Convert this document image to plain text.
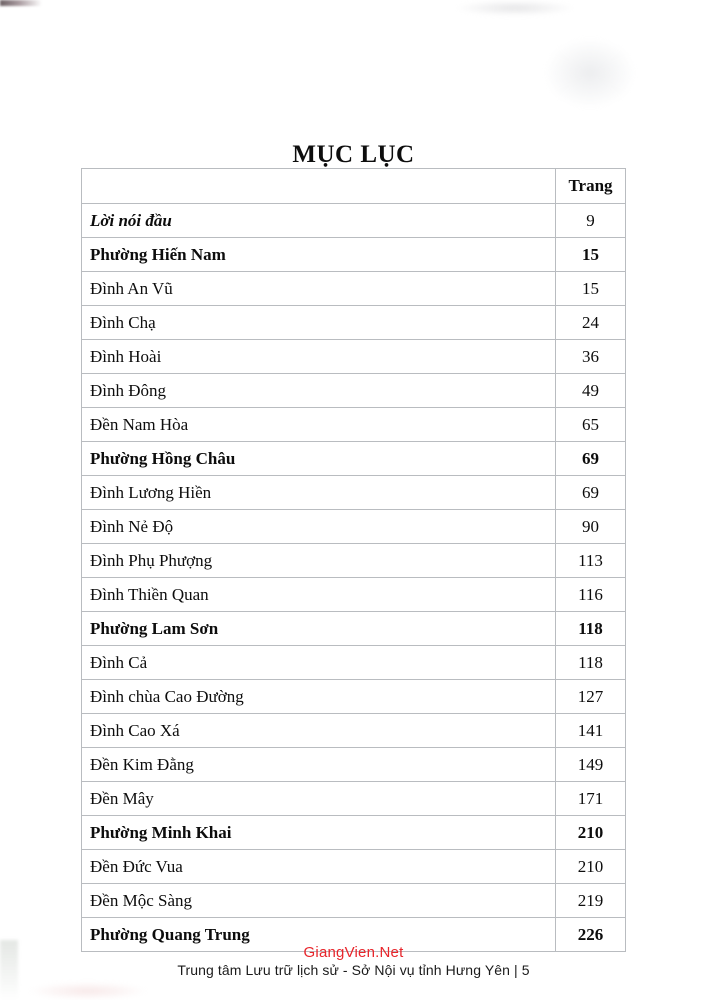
MỤC LỤC
	Trang
Lời nói đầu	9
Phường Hiến Nam	15
Đình An Vũ	15
Đình Chạ	24
Đình Hoài	36
Đình Đông	49
Đền Nam Hòa	65
Phường Hồng Châu	69
Đình Lương Hiền	69
Đình Nẻ Độ	90
Đình Phụ Phượng	113
Đình Thiền Quan	116
Phường Lam Sơn	118
Đình Cả	118
Đình chùa Cao Đường	127
Đình Cao Xá	141
Đền Kim Đằng	149
Đền Mây	171
Phường Minh Khai	210
Đền Đức Vua	210
Đền Mộc Sàng	219
Phường Quang Trung	226
GiangVien.Net
Trung tâm Lưu trữ lịch sử - Sở Nội vụ tỉnh Hưng Yên | 5
